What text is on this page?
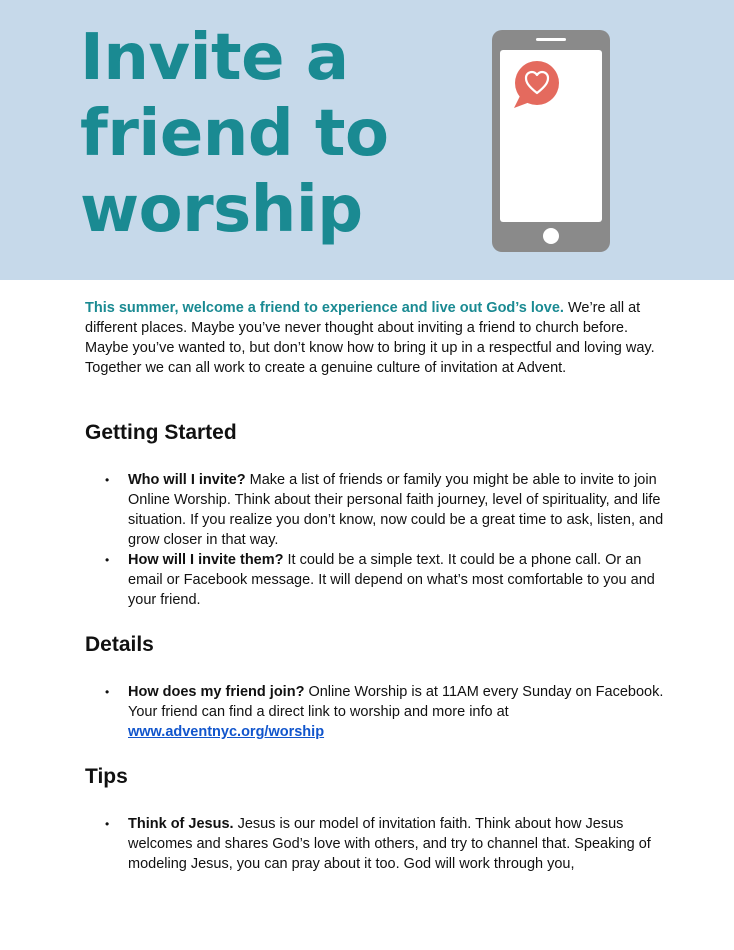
Invite a
friend to
worship

This summer, welcome a friend to experience and live out God’s love. We’re all at different places. Maybe you’ve never thought about inviting a friend to church before. Maybe you’ve wanted to, but don’t know how to bring it up in a respectful and loving way. Together we can all work to create a genuine culture of invitation at Advent.

Getting Started
• Who will I invite? Make a list of friends or family you might be able to invite to join Online Worship. Think about their personal faith journey, level of spirituality, and life situation. If you realize you don’t know, now could be a great time to ask, listen, and grow closer in that way.
• How will I invite them? It could be a simple text. It could be a phone call. Or an email or Facebook message. It will depend on what’s most comfortable to you and your friend.
Details
• How does my friend join? Online Worship is at 11AM every Sunday on Facebook. Your friend can find a direct link to worship and more info at www.adventnyc.org/worship
Tips
• Think of Jesus. Jesus is our model of invitation faith. Think about how Jesus welcomes and shares God’s love with others, and try to channel that. Speaking of modeling Jesus, you can pray about it too. God will work through you,
